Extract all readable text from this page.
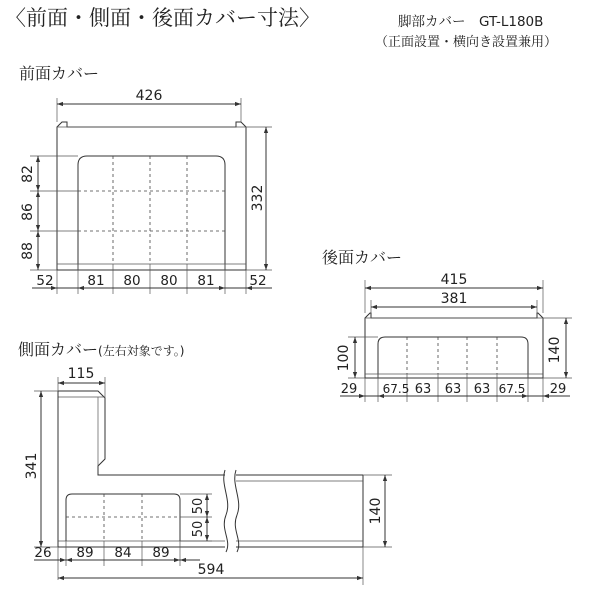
〈前面・側面・後面カバー寸法〉	脚部カバー　GT-L180B
（正面設置・横向き設置兼用）
前面カバー
後面カバー
側面カバー(左右対象です。)
82
86
88
426
332
52	81 80 80 81	52	415
381
100	140
29 67.5 63 63 63 67.5 29
115
341
50
50
140
26 89 84 89
594
